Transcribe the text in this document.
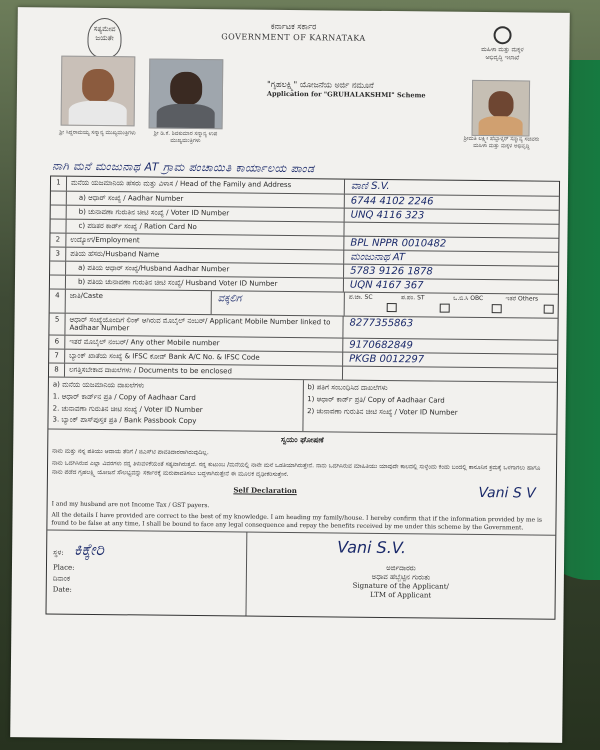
ಸತ್ಯಮೇವ ಜಯತೇ
ಕರ್ನಾಟಕ ಸರ್ಕಾರ
GOVERNMENT OF KARNATAKA
ಮಹಿಳಾ ಮತ್ತು ಮಕ್ಕಳ ಅಭಿವೃದ್ಧಿ ಇಲಾಖೆ
ಶ್ರೀ ಸಿದ್ದರಾಮಯ್ಯ ಸನ್ಮಾನ್ಯ ಮುಖ್ಯಮಂತ್ರಿಗಳು	ಶ್ರೀ ಡಿ.ಕೆ. ಶಿವಕುಮಾರ ಸನ್ಮಾನ್ಯ ಉಪ ಮುಖ್ಯಮಂತ್ರಿಗಳು	ಶ್ರೀಮತಿ ಲಕ್ಷ್ಮೀ ಹೆಬ್ಬಾಳ್ಕರ್ ಸನ್ಮಾನ್ಯ ಸಚಿವರು ಮಹಿಳಾ ಮತ್ತು ಮಕ್ಕಳ ಅಭಿವೃದ್ಧಿ
"ಗೃಹಲಕ್ಷ್ಮಿ" ಯೋಜನೆಯ ಅರ್ಜಿ ನಮೂನೆ
Application for "GRUHALAKSHMI" Scheme
ನಾಗಿ ಮನೆ ಮಂಜುನಾಥ AT ಗ್ರಾಮ ಪಂಚಾಯಿತಿ ಕಾರ್ಯಾಲಯ ಪಾಂಡ
1	ಮನೆಯ ಯಜಮಾನಿಯ ಹೆಸರು ಮತ್ತು ವಿಳಾಸ / Head of the Family and Address	ವಾಣಿ S.V.
a) ಆಧಾರ್ ಸಂಖ್ಯೆ / Aadhar Number	6744 4102 2246
b) ಚುನಾವಣಾ ಗುರುತಿನ ಚೀಟಿ ಸಂಖ್ಯೆ / Voter ID Number	UNQ 4116 323
c) ಪಡಿತರ ಕಾರ್ಡ್ ಸಂಖ್ಯೆ / Ration Card No
2	ಉದ್ಯೋಗ/Employment	BPL NPPR 0010482
3	ಪತಿಯ ಹೆಸರು/Husband Name	ಮಂಜುನಾಥ AT
a) ಪತಿಯ ಆಧಾರ್ ಸಂಖ್ಯೆ/Husband Aadhar Number	5783 9126 1878
b) ಪತಿಯ ಚುನಾವಣಾ ಗುರುತಿನ ಚೀಟಿ ಸಂಖ್ಯೆ/ Husband Voter ID Number	UQN 4167 367
4	ಜಾತಿ/Caste	ವಕ್ಕಲಿಗ	ಪ.ಜಾ. SC	ಪ.ಪಂ. ST	ಒ.ಬಿ.ಸಿ OBC	ಇತರೆ Others
5	ಆಧಾರ್ ಸಂಖ್ಯೆಯೊಂದಿಗೆ ಲಿಂಕ್ ಆಗಿರುವ ಮೊಬೈಲ್ ನಂಬರ್/ Applicant Mobile Number linked to Aadhaar Number	8277355863
6	ಇತರೆ ಮೊಬೈಲ್ ನಂಬರ್/ Any other Mobile number	9170682849
7	ಬ್ಯಾಂಕ್ ಖಾತೆಯ ಸಂಖ್ಯೆ & IFSC ಕೋಡ್ Bank A/C No. & IFSC Code	PKGB 0012297
8	ಲಗತ್ತಿಸಬೇಕಾದ ದಾಖಲೆಗಳು / Documents to be enclosed
a) ಮನೆಯ ಯಜಮಾನಿಯ ದಾಖಲೆಗಳು
1. ಆಧಾರ್ ಕಾರ್ಡ್‌ನ ಪ್ರತಿ / Copy of Aadhaar Card
2. ಚುನಾವಣಾ ಗುರುತಿನ ಚೀಟಿ ಸಂಖ್ಯೆ / Voter ID Number
3. ಬ್ಯಾಂಕ್ ಪಾಸ್‌ಪುಸ್ತಕ ಪ್ರತಿ / Bank Passbook Copy
b) ಪತಿಗೆ ಸಂಬಂಧಿಸಿದ ದಾಖಲೆಗಳು
1) ಆಧಾರ್ ಕಾರ್ಡ್ ಪ್ರತಿ/ Copy of Aadhaar Card
2) ಚುನಾವಣಾ ಗುರುತಿನ ಚೀಟಿ ಸಂಖ್ಯೆ / Voter ID Number
ಸ್ವಯಂ ಘೋಷಣೆ
ನಾನು ಮತ್ತು ನನ್ನ ಪತಿಯು ಆದಾಯ ತೆರಿಗೆ / ಜಿಎಸ್‌ಟಿ ಪಾವತಿದಾರರಾಗಿರುವುದಿಲ್ಲ.
ನಾನು ಒದಗಿಸಿರುವ ಎಲ್ಲಾ ವಿವರಗಳು ನನ್ನ ತಿಳುವಳಿಕೆಯಂತೆ ಸತ್ಯವಾಗಿರುತ್ತವೆ. ನನ್ನ ಕುಟುಂಬ /ಮನೆಯಲ್ಲಿ ನಾನೇ ಮನೆ ಒಡತಿಯಾಗಿರುತ್ತೇನೆ. ನಾನು ಒದಗಿಸಿರುವ ಮಾಹಿತಿಯು ಯಾವುದೇ ಕಾಲದಲ್ಲಿ ಸುಳ್ಳೆಂದು ಕಂಡು ಬಂದಲ್ಲಿ ಕಾನೂನಿನ ಕ್ರಮಕ್ಕೆ ಒಳಗಾಗಲು ಹಾಗೂ ನಾನು ಪಡೆದ ಗೃಹಲಕ್ಷ್ಮಿ ಯೋಜನೆ ಸೌಲಭ್ಯವನ್ನು ಸರ್ಕಾರಕ್ಕೆ ಮರುಪಾವತಿಸಲು ಬದ್ಧಳಾಗಿರುತ್ತೇನೆ ಈ ಮೂಲಕ ದೃಢೀಕರಿಸುತ್ತೇನೆ.
Self Declaration	Vani S V
I and my husband are not Income Tax / GST payers.
All the details I have provided are correct to the best of my knowledge. I am heading my family/house. I hereby confirm that if the information provided by me is found to be false at any time, I shall be bound to face any legal consequence and repay the benefits received by me under this scheme by the Government.
ಸ್ಥಳ: ಕಿಕ್ಕೇರಿ
Place:
ದಿನಾಂಕ
Date:
Vani S.V.
ಅರ್ಜಿದಾರರು
ಅಧಾವ ಹೆಬ್ಬೆಟ್ಟಿನ ಗುರುತು
Signature of the Applicant/
LTM of Applicant
